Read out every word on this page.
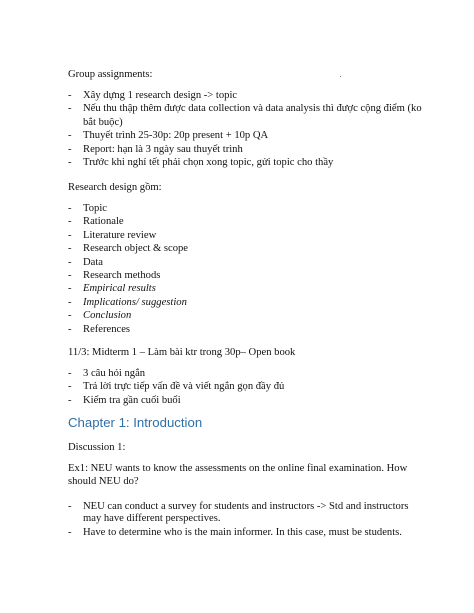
Group assignments:
- Xây dựng 1 research design -> topic
- Nếu thu thập thêm được data collection và data analysis thì được cộng điểm (ko bắt buộc)
- Thuyết trình 25-30p: 20p present + 10p QA
- Report: hạn là 3 ngày sau thuyết trình
- Trước khi nghỉ tết phải chọn xong topic, gửi topic cho thầy
Research design gồm:
- Topic
- Rationale
- Literature review
- Research object & scope
- Data
- Research methods
- Empirical results
- Implications/ suggestion
- Conclusion
- References
11/3: Midterm 1 – Làm bài ktr trong 30p– Open book
- 3 câu hỏi ngắn
- Trả lời trực tiếp vấn đề và viết ngắn gọn đầy đủ
- Kiểm tra gần cuối buổi
Chapter 1: Introduction
Discussion 1:
Ex1: NEU wants to know the assessments on the online final examination. How should NEU do?
- NEU can conduct a survey for students and instructors -> Std and instructors may have different perspectives.
- Have to determine who is the main informer. In this case, must be students.
